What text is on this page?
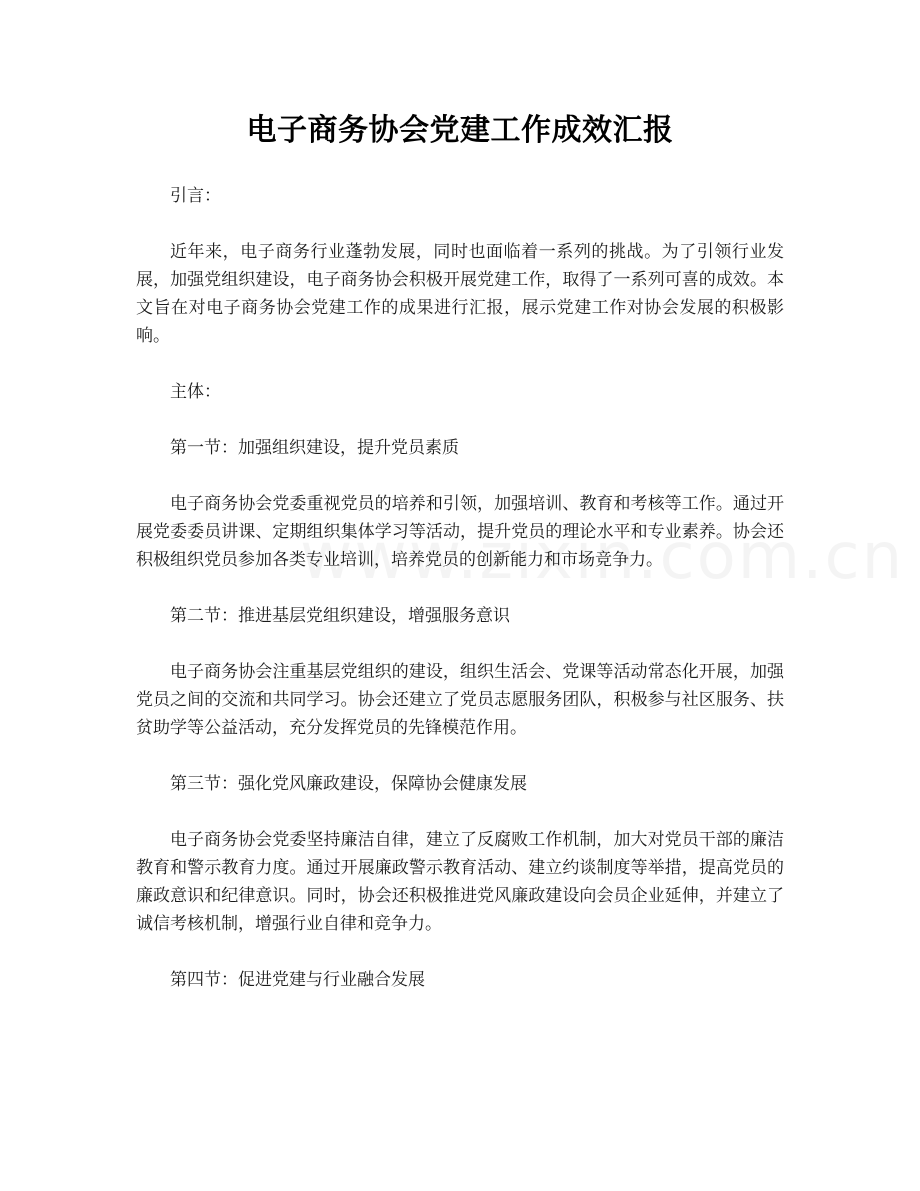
电子商务协会党建工作成效汇报

引言：

近年来，电子商务行业蓬勃发展，同时也面临着一系列的挑战。为了引领行业发展，加强党组织建设，电子商务协会积极开展党建工作，取得了一系列可喜的成效。本文旨在对电子商务协会党建工作的成果进行汇报，展示党建工作对协会发展的积极影响。

主体：

第一节：加强组织建设，提升党员素质

电子商务协会党委重视党员的培养和引领，加强培训、教育和考核等工作。通过开展党委委员讲课、定期组织集体学习等活动，提升党员的理论水平和专业素养。协会还积极组织党员参加各类专业培训，培养党员的创新能力和市场竞争力。

第二节：推进基层党组织建设，增强服务意识

电子商务协会注重基层党组织的建设，组织生活会、党课等活动常态化开展，加强党员之间的交流和共同学习。协会还建立了党员志愿服务团队，积极参与社区服务、扶贫助学等公益活动，充分发挥党员的先锋模范作用。

第三节：强化党风廉政建设，保障协会健康发展

电子商务协会党委坚持廉洁自律，建立了反腐败工作机制，加大对党员干部的廉洁教育和警示教育力度。通过开展廉政警示教育活动、建立约谈制度等举措，提高党员的廉政意识和纪律意识。同时，协会还积极推进党风廉政建设向会员企业延伸，并建立了诚信考核机制，增强行业自律和竞争力。

第四节：促进党建与行业融合发展
